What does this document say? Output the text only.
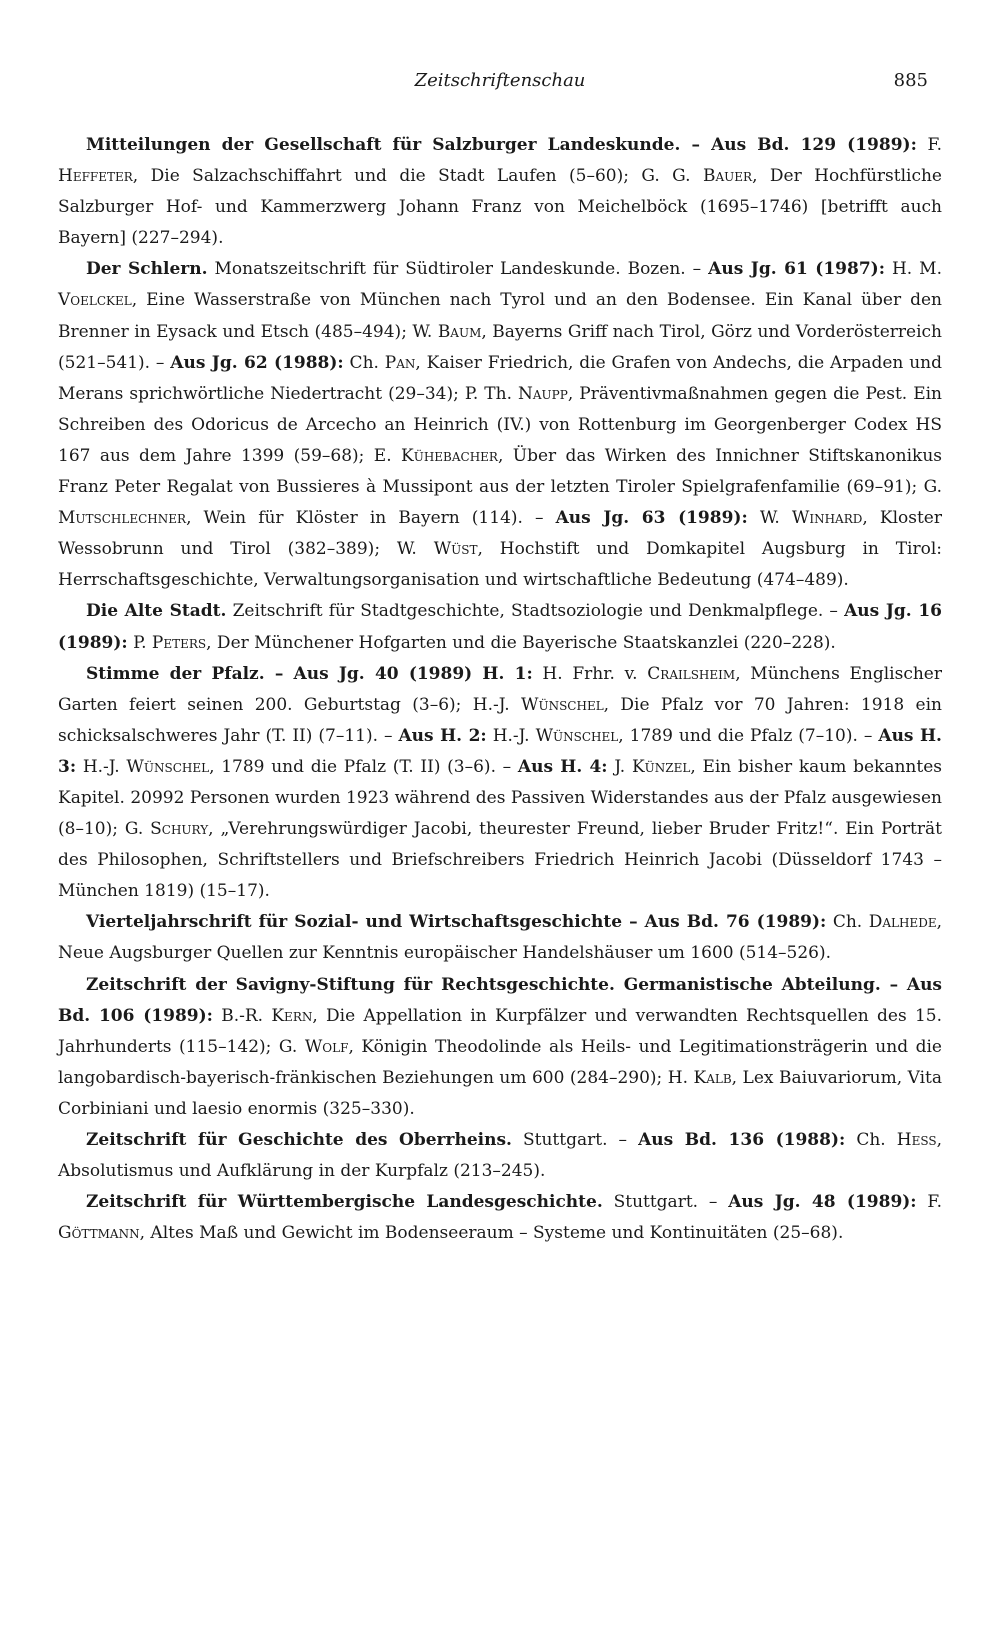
Zeitschriftenschau	885

Mitteilungen der Gesellschaft für Salzburger Landeskunde. – Aus Bd. 129 (1989): F. Heffeter, Die Salzachschiffahrt und die Stadt Laufen (5–60); G. G. Bauer, Der Hochfürstliche Salzburger Hof- und Kammerzwerg Johann Franz von Meichelböck (1695–1746) [betrifft auch Bayern] (227–294).

Der Schlern. Monatszeitschrift für Südtiroler Landeskunde. Bozen. – Aus Jg. 61 (1987): H. M. Voelckel, Eine Wasserstraße von München nach Tyrol und an den Bodensee. Ein Kanal über den Brenner in Eysack und Etsch (485–494); W. Baum, Bayerns Griff nach Tirol, Görz und Vorderösterreich (521–541). – Aus Jg. 62 (1988): Ch. Pan, Kaiser Friedrich, die Grafen von Andechs, die Arpaden und Merans sprichwörtliche Niedertracht (29–34); P. Th. Naupp, Präventivmaßnahmen gegen die Pest. Ein Schreiben des Odoricus de Arcecho an Heinrich (IV.) von Rottenburg im Georgenberger Codex HS 167 aus dem Jahre 1399 (59–68); E. Kühebacher, Über das Wirken des Innichner Stiftskanonikus Franz Peter Regalat von Bussieres à Mussipont aus der letzten Tiroler Spielgrafenfamilie (69–91); G. Mutschlechner, Wein für Klöster in Bayern (114). – Aus Jg. 63 (1989): W. Winhard, Kloster Wessobrunn und Tirol (382–389); W. Wüst, Hochstift und Domkapitel Augsburg in Tirol: Herrschaftsgeschichte, Verwaltungsorganisation und wirtschaftliche Bedeutung (474–489).

Die Alte Stadt. Zeitschrift für Stadtgeschichte, Stadtsoziologie und Denkmalpflege. – Aus Jg. 16 (1989): P. Peters, Der Münchener Hofgarten und die Bayerische Staatskanzlei (220–228).

Stimme der Pfalz. – Aus Jg. 40 (1989) H. 1: H. Frhr. v. Crailsheim, Münchens Englischer Garten feiert seinen 200. Geburtstag (3–6); H.-J. Wünschel, Die Pfalz vor 70 Jahren: 1918 ein schicksalschweres Jahr (T. II) (7–11). – Aus H. 2: H.-J. Wünschel, 1789 und die Pfalz (7–10). – Aus H. 3: H.-J. Wünschel, 1789 und die Pfalz (T. II) (3–6). – Aus H. 4: J. Künzel, Ein bisher kaum bekanntes Kapitel. 20992 Personen wurden 1923 während des Passiven Widerstandes aus der Pfalz ausgewiesen (8–10); G. Schury, „Verehrungswürdiger Jacobi, theurester Freund, lieber Bruder Fritz!“. Ein Porträt des Philosophen, Schriftstellers und Briefschreibers Friedrich Heinrich Jacobi (Düsseldorf 1743 – München 1819) (15–17).

Vierteljahrschrift für Sozial- und Wirtschaftsgeschichte – Aus Bd. 76 (1989): Ch. Dalhede, Neue Augsburger Quellen zur Kenntnis europäischer Handelshäuser um 1600 (514–526).

Zeitschrift der Savigny-Stiftung für Rechtsgeschichte. Germanistische Abteilung. – Aus Bd. 106 (1989): B.-R. Kern, Die Appellation in Kurpfälzer und verwandten Rechtsquellen des 15. Jahrhunderts (115–142); G. Wolf, Königin Theodolinde als Heils- und Legitimationsträgerin und die langobardisch-bayerisch-fränkischen Beziehungen um 600 (284–290); H. Kalb, Lex Baiuvariorum, Vita Corbiniani und laesio enormis (325–330).

Zeitschrift für Geschichte des Oberrheins. Stuttgart. – Aus Bd. 136 (1988): Ch. Hess, Absolutismus und Aufklärung in der Kurpfalz (213–245).

Zeitschrift für Württembergische Landesgeschichte. Stuttgart. – Aus Jg. 48 (1989): F. Göttmann, Altes Maß und Gewicht im Bodenseeraum – Systeme und Kontinuitäten (25–68).
